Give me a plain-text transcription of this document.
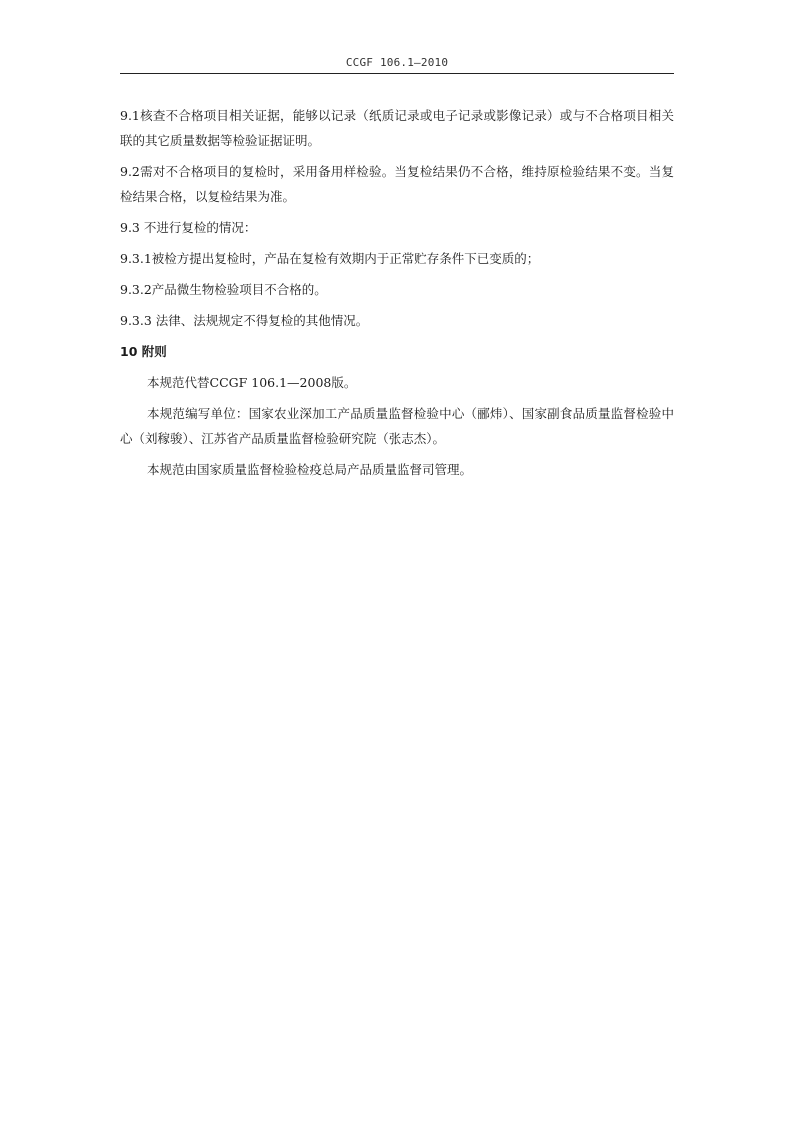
CCGF 106.1—2010

9.1核查不合格项目相关证据，能够以记录（纸质记录或电子记录或影像记录）或与不合格项目相关联的其它质量数据等检验证据证明。

9.2需对不合格项目的复检时，采用备用样检验。当复检结果仍不合格，维持原检验结果不变。当复检结果合格，以复检结果为准。

9.3 不进行复检的情况：

9.3.1被检方提出复检时，产品在复检有效期内于正常贮存条件下已变质的；

9.3.2产品微生物检验项目不合格的。

9.3.3 法律、法规规定不得复检的其他情况。

10 附则

本规范代替CCGF 106.1—2008版。

本规范编写单位：国家农业深加工产品质量监督检验中心（郦炜）、国家副食品质量监督检验中心（刘稼骏）、江苏省产品质量监督检验研究院（张志杰）。

本规范由国家质量监督检验检疫总局产品质量监督司管理。
